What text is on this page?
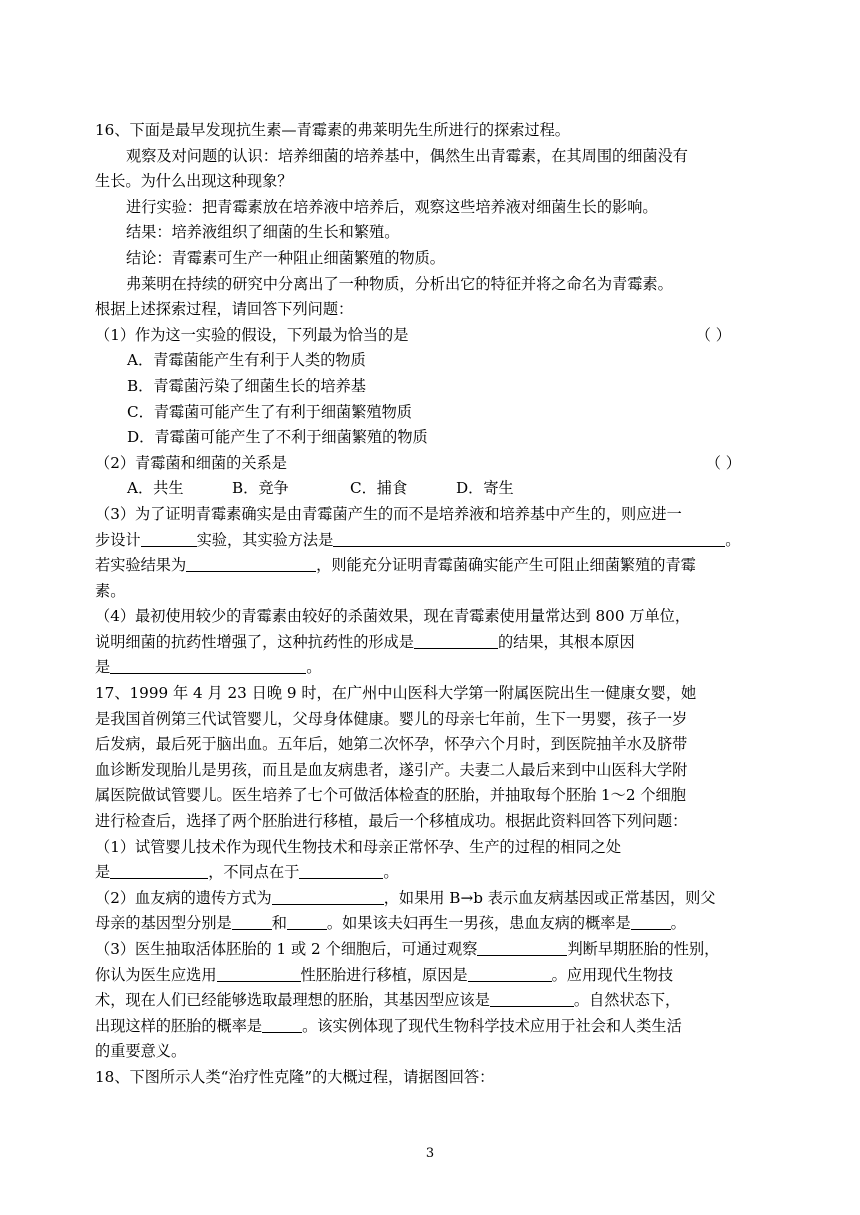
16、下面是最早发现抗生素—青霉素的弗莱明先生所进行的探索过程。
观察及对问题的认识：培养细菌的培养基中，偶然生出青霉素，在其周围的细菌没有
生长。为什么出现这种现象？
进行实验：把青霉素放在培养液中培养后，观察这些培养液对细菌生长的影响。
结果：培养液组织了细菌的生长和繁殖。
结论：青霉素可生产一种阻止细菌繁殖的物质。
弗莱明在持续的研究中分离出了一种物质，分析出它的特征并将之命名为青霉素。
根据上述探索过程，请回答下列问题：
（1）作为这一实验的假设，下列最为恰当的是	（ ）
A．青霉菌能产生有利于人类的物质
B．青霉菌污染了细菌生长的培养基
C．青霉菌可能产生了有利于细菌繁殖物质
D．青霉菌可能产生了不利于细菌繁殖的物质
（2）青霉菌和细菌的关系是	（ ）
A．共生	B．竞争	C．捕食	D．寄生
（3）为了证明青霉素确实是由青霉菌产生的而不是培养液和培养基中产生的，则应进一
步设计	实验，其实验方法是	。
若实验结果为	，则能充分证明青霉菌确实能产生可阻止细菌繁殖的青霉
素。
（4）最初使用较少的青霉素由较好的杀菌效果，现在青霉素使用量常达到 800 万单位，
说明细菌的抗药性增强了，这种抗药性的形成是	的结果，其根本原因
是	。
17、1999 年 4 月 23 日晚 9 时，在广州中山医科大学第一附属医院出生一健康女婴，她
是我国首例第三代试管婴儿，父母身体健康。婴儿的母亲七年前，生下一男婴，孩子一岁
后发病，最后死于脑出血。五年后，她第二次怀孕，怀孕六个月时，到医院抽羊水及脐带
血诊断发现胎儿是男孩，而且是血友病患者，遂引产。夫妻二人最后来到中山医科大学附
属医院做试管婴儿。医生培养了七个可做活体检查的胚胎，并抽取每个胚胎 1～2 个细胞
进行检查后，选择了两个胚胎进行移植，最后一个移植成功。根据此资料回答下列问题：
（1）试管婴儿技术作为现代生物技术和母亲正常怀孕、生产的过程的相同之处
是	，不同点在于	。
（2）血友病的遗传方式为	，如果用 B→b 表示血友病基因或正常基因，则父
母亲的基因型分别是	和	。如果该夫妇再生一男孩，患血友病的概率是	。
（3）医生抽取活体胚胎的 1 或 2 个细胞后，可通过观察	判断早期胚胎的性别，
你认为医生应选用	性胚胎进行移植，原因是	。应用现代生物技
术，现在人们已经能够选取最理想的胚胎，其基因型应该是	。自然状态下，
出现这样的胚胎的概率是	。该实例体现了现代生物科学技术应用于社会和人类生活
的重要意义。
18、下图所示人类“治疗性克隆”的大概过程，请据图回答：
3
